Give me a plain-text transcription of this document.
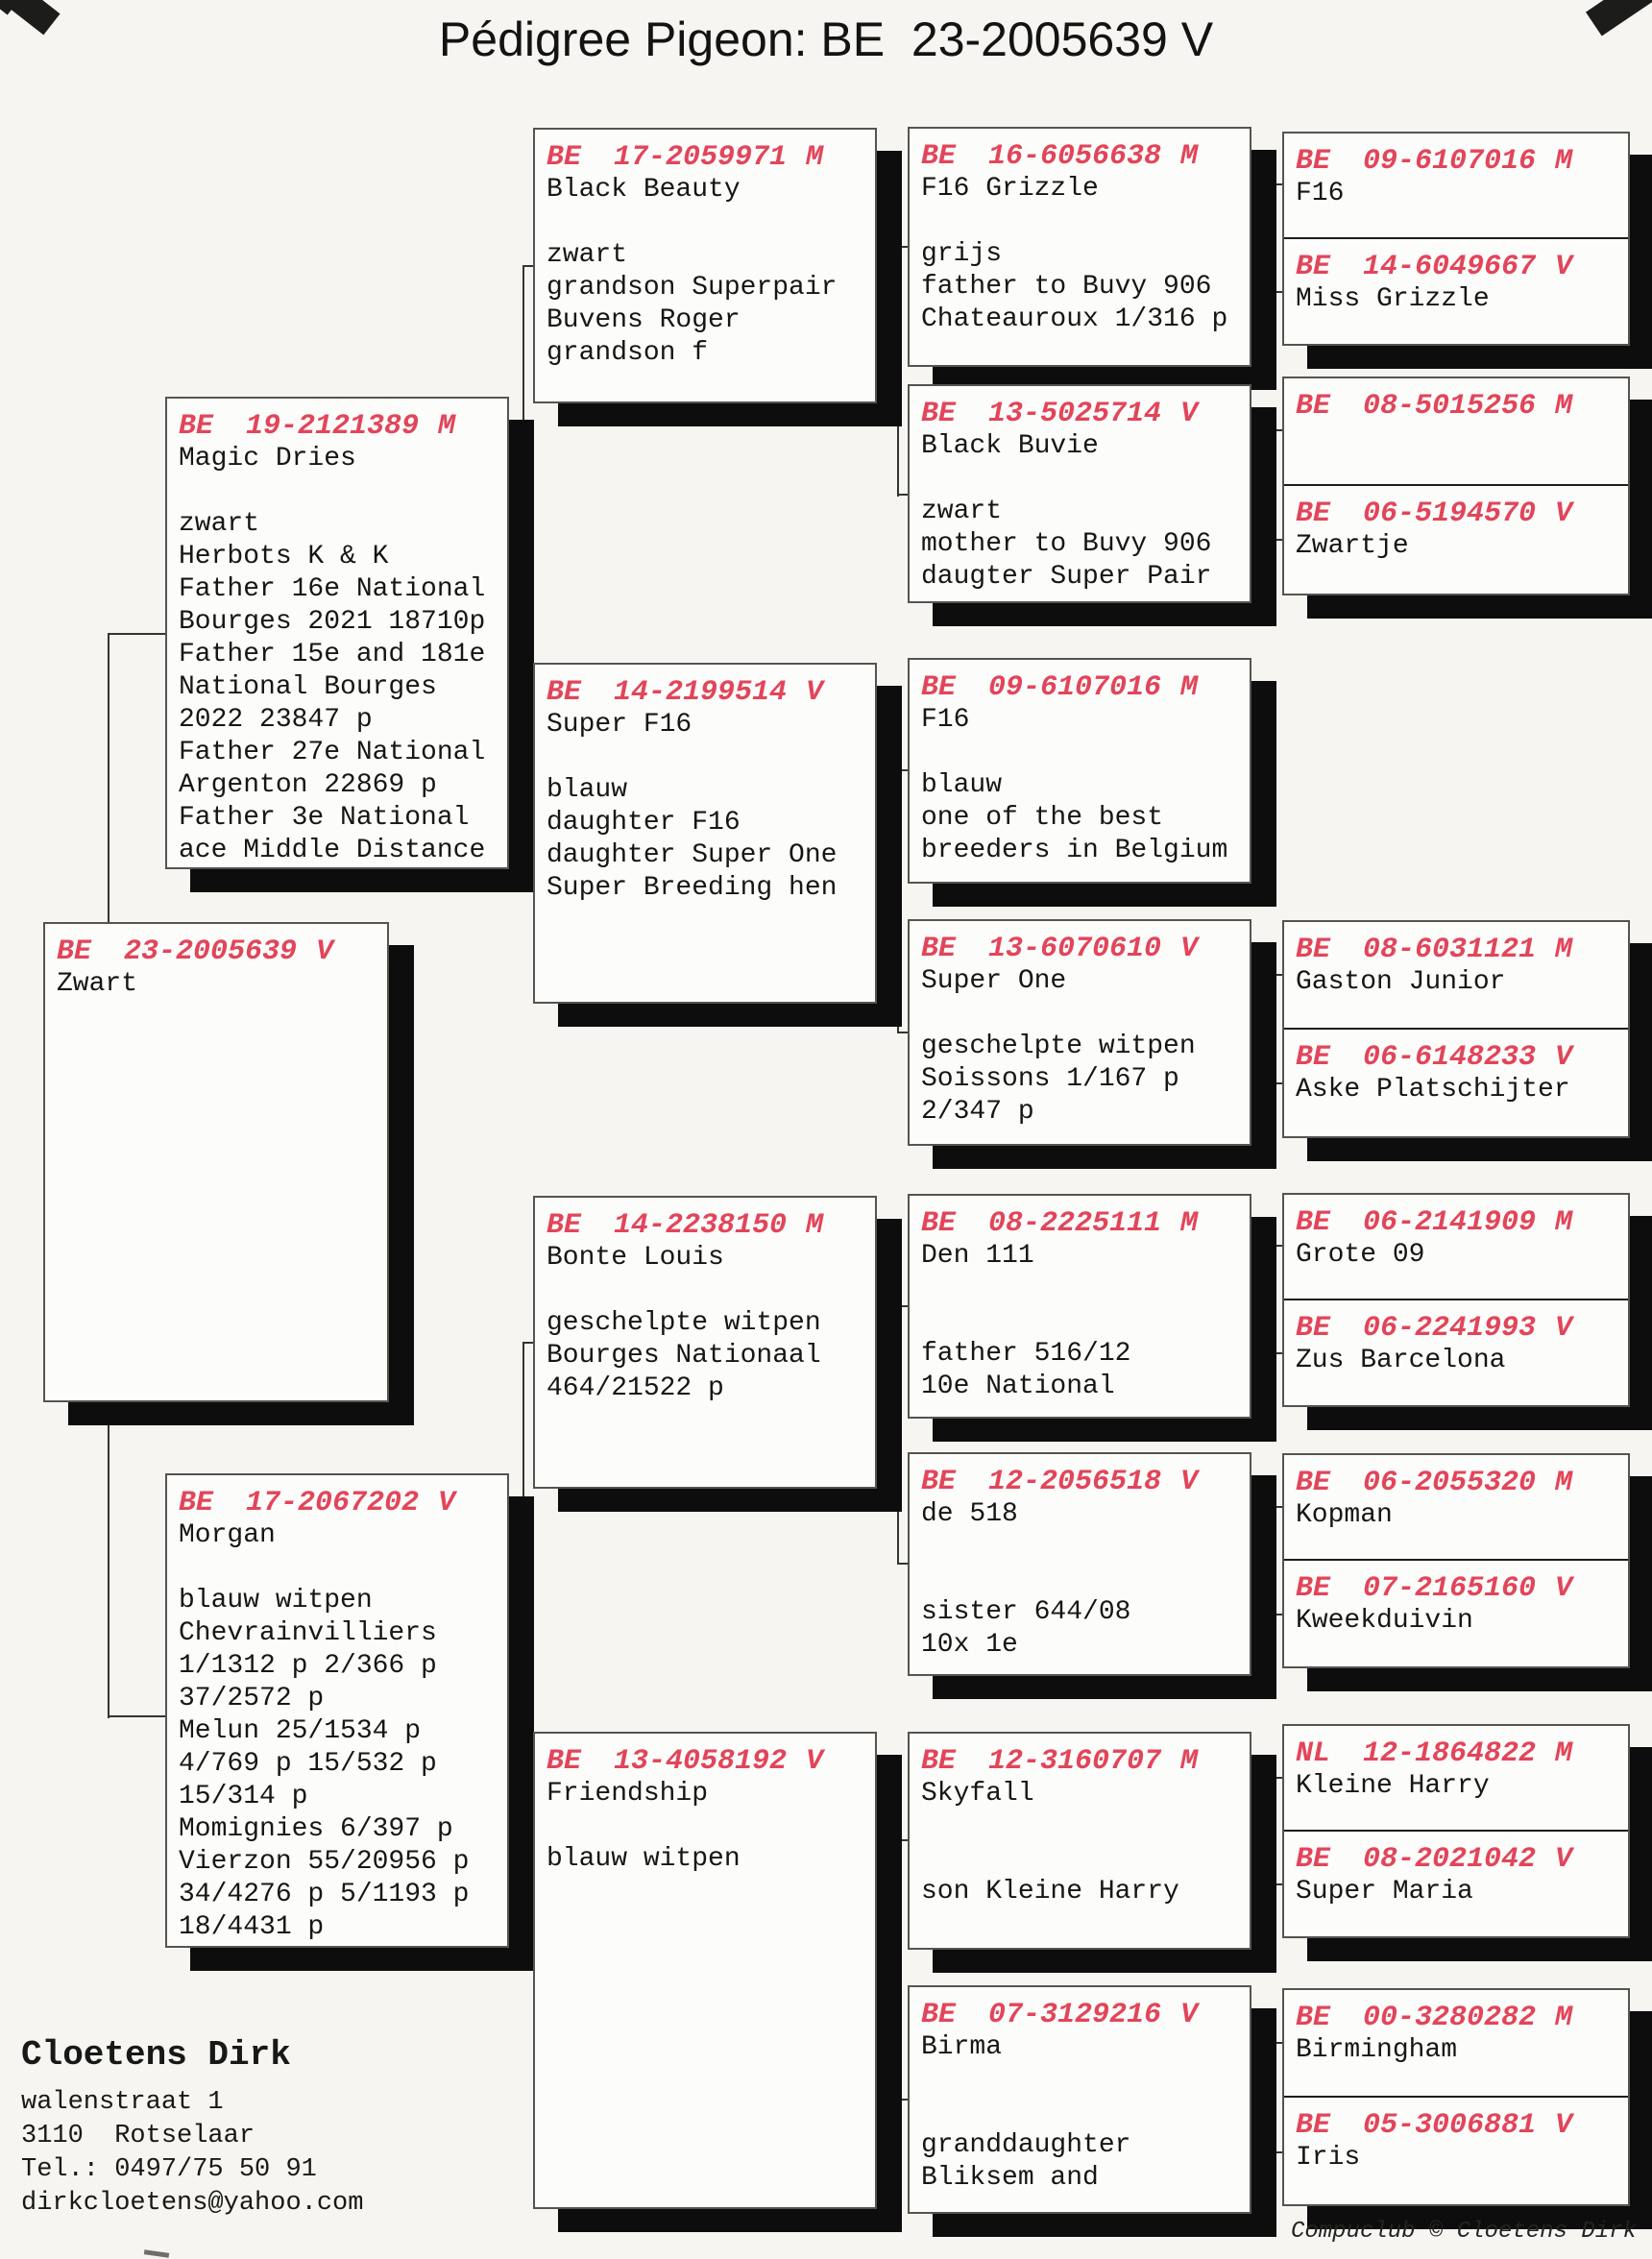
Pédigree Pigeon: BE  23-2005639 V
BE	23-2005639 V
Zwart
BE	19-2121389 M
Magic Dries
zwart
Herbots K & K
Father 16e National
Bourges 2021 18710p
Father 15e and 181e
National Bourges
2022 23847 p
Father 27e National
Argenton 22869 p
Father 3e National
ace Middle Distance
BE	17-2067202 V
Morgan
blauw witpen
Chevrainvilliers
1/1312 p 2/366 p
37/2572 p
Melun 25/1534 p
4/769 p 15/532 p
15/314 p
Momignies 6/397 p
Vierzon 55/20956 p
34/4276 p 5/1193 p
18/4431 p
BE	17-2059971 M
Black Beauty
zwart
grandson Superpair
Buvens Roger
grandson f
BE	14-2199514 V
Super F16
blauw
daughter F16
daughter Super One
Super Breeding hen
BE	14-2238150 M
Bonte Louis
geschelpte witpen
Bourges Nationaal
464/21522 p
BE	13-4058192 V
Friendship
blauw witpen
BE	16-6056638 M
F16 Grizzle
grijs
father to Buvy 906
Chateauroux 1/316 p
BE	13-5025714 V
Black Buvie
zwart
mother to Buvy 906
daugter Super Pair
BE	09-6107016 M
F16
blauw
one of the best
breeders in Belgium
BE	13-6070610 V
Super One
geschelpte witpen
Soissons 1/167 p
2/347 p
BE	08-2225111 M
Den 111
father 516/12
10e National
BE	12-2056518 V
de 518
sister 644/08
10x 1e
BE	12-3160707 M
Skyfall
son Kleine Harry
BE	07-3129216 V
Birma
granddaughter
Bliksem and
BE	09-6107016 M
F16
BE	14-6049667 V
Miss Grizzle
BE	08-5015256 M
BE	06-5194570 V
Zwartje
BE	08-6031121 M
Gaston Junior
BE	06-6148233 V
Aske Platschijter
BE	06-2141909 M
Grote 09
BE	06-2241993 V
Zus Barcelona
BE	06-2055320 M
Kopman
BE	07-2165160 V
Kweekduivin
NL	12-1864822 M
Kleine Harry
BE	08-2021042 V
Super Maria
BE	00-3280282 M
Birmingham
BE	05-3006881 V
Iris
Cloetens Dirk
walenstraat 1
3110  Rotselaar
Tel.: 0497/75 50 91
dirkcloetens@yahoo.com
Compuclub © Cloetens Dirk
